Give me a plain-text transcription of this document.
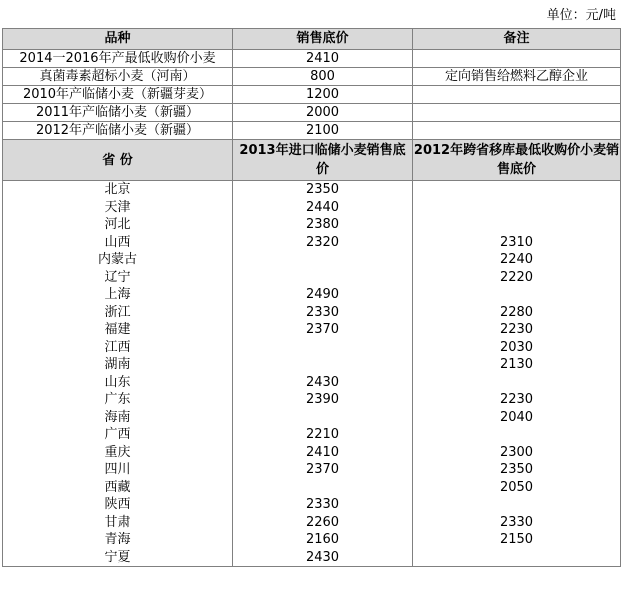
单位：元/吨
品种	销售底价	备注
2014一2016年产最低收购价小麦	2410	
真菌毒素超标小麦（河南）	800	定向销售给燃料乙醇企业
2010年产临储小麦（新疆芽麦）	1200	
2011年产临储小麦（新疆）	2000	
2012年产临储小麦（新疆）	2100	
省 份	2013年进口临储小麦销售底价	2012年跨省移库最低收购价小麦销售底价
北京	2350	
天津	2440	
河北	2380	
山西	2320	2310
内蒙古		2240
辽宁		2220
上海	2490	
浙江	2330	2280
福建	2370	2230
江西		2030
湖南		2130
山东	2430	
广东	2390	2230
海南		2040
广西	2210	
重庆	2410	2300
四川	2370	2350
西藏		2050
陕西	2330	
甘肃	2260	2330
青海	2160	2150
宁夏	2430	
